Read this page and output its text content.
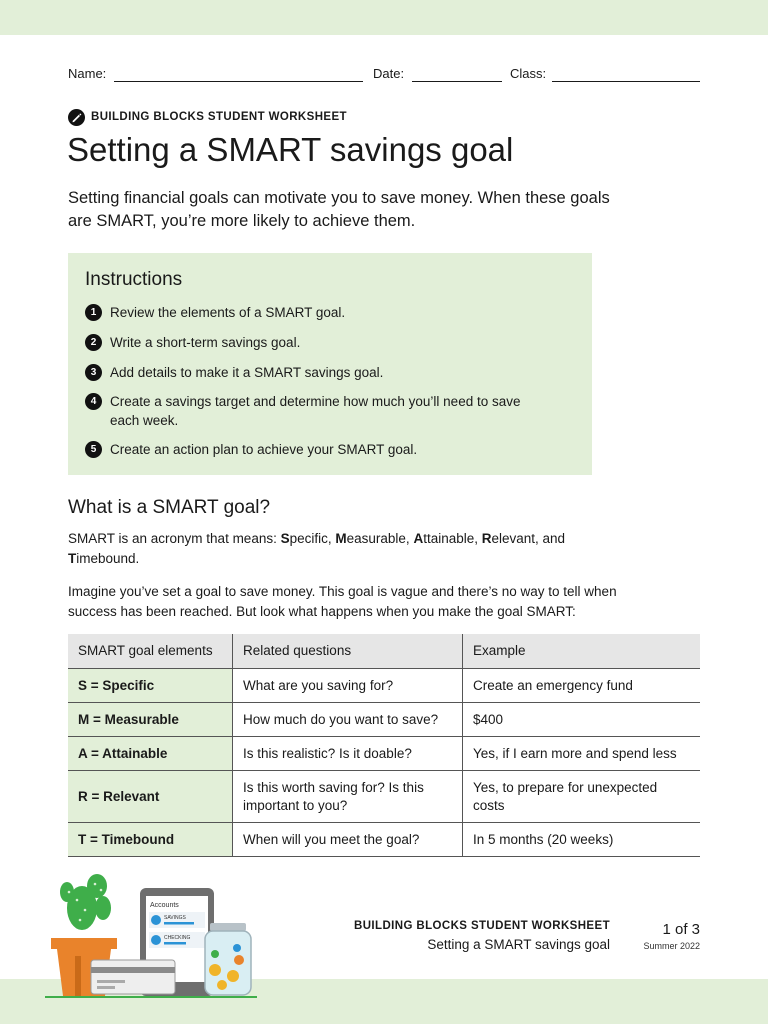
Name:	Date:	Class:
BUILDING BLOCKS STUDENT WORKSHEET
Setting a SMART savings goal

Setting financial goals can motivate you to save money. When these goals are SMART, you’re more likely to achieve them.

Instructions
1	Review the elements of a SMART goal.
2	Write a short-term savings goal.
3	Add details to make it a SMART savings goal.
4	Create a savings target and determine how much you’ll need to save each week.
5	Create an action plan to achieve your SMART goal.
What is a SMART goal?

SMART is an acronym that means: Specific, Measurable, Attainable, Relevant, and Timebound.

Imagine you’ve set a goal to save money. This goal is vague and there’s no way to tell when success has been reached. But look what happens when you make the goal SMART:

SMART goal elements	Related questions	Example
S = Specific	What are you saving for?	Create an emergency fund
M = Measurable	How much do you want to save?	$400
A = Attainable	Is this realistic? Is it doable?	Yes, if I earn more and spend less
R = Relevant	Is this worth saving for? Is this important to you?	Yes, to prepare for unexpected costs
T = Timebound	When will you meet the goal?	In 5 months (20 weeks)
Accounts
SAVINGS
CHECKING
BUILDING BLOCKS STUDENT WORKSHEET
Setting a SMART savings goal
1 of 3
Summer 2022
